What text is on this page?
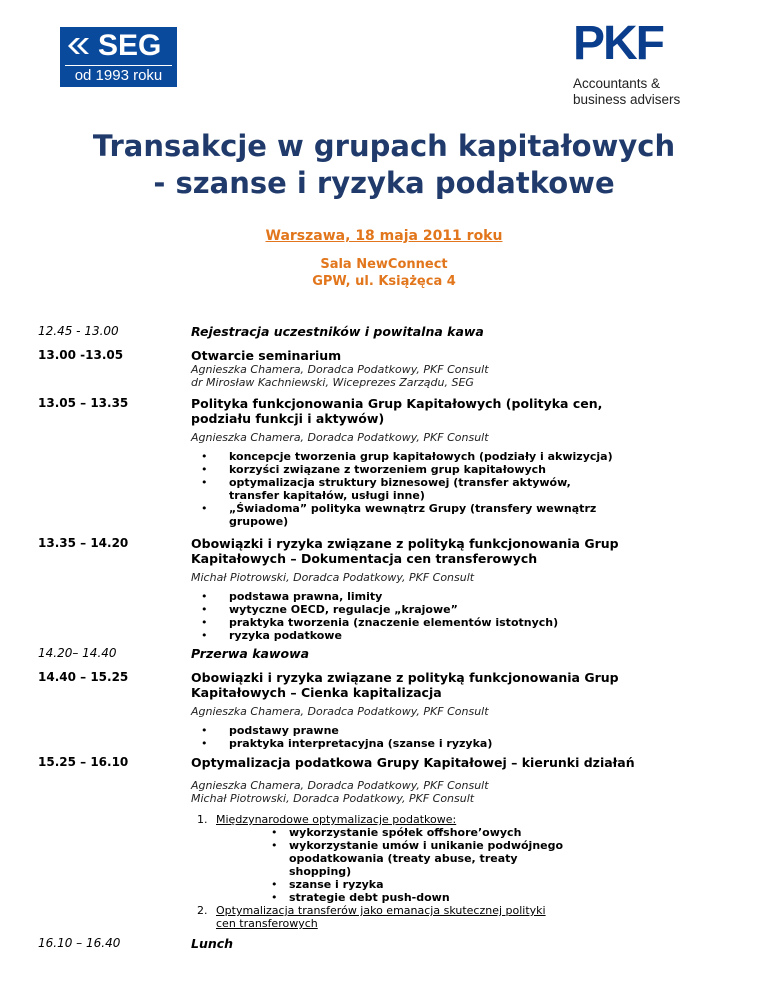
SEG
od 1993 roku
PKF
Accountants &
business advisers
Transakcje w grupach kapitałowych
- szanse i ryzyka podatkowe
Warszawa, 18 maja 2011 roku
Sala NewConnect
GPW, ul. Książęca 4
12.45 - 13.00	Rejestracja uczestników i powitalna kawa
13.00 -13.05	Otwarcie seminarium
Agnieszka Chamera, Doradca Podatkowy, PKF Consult
dr Mirosław Kachniewski, Wiceprezes Zarządu, SEG
13.05 – 13.35	Polityka funkcjonowania Grup Kapitałowych (polityka cen,
podziału funkcji i aktywów)
Agnieszka Chamera, Doradca Podatkowy, PKF Consult
• koncepcje tworzenia grup kapitałowych (podziały i akwizycja)
• korzyści związane z tworzeniem grup kapitałowych
• optymalizacja struktury biznesowej (transfer aktywów, transfer kapitałów, usługi inne)
• „Świadoma” polityka wewnątrz Grupy (transfery wewnątrz grupowe)
13.35 – 14.20	Obowiązki i ryzyka związane z polityką funkcjonowania Grup
Kapitałowych – Dokumentacja cen transferowych
Michał Piotrowski, Doradca Podatkowy, PKF Consult
• podstawa prawna, limity
• wytyczne OECD, regulacje „krajowe”
• praktyka tworzenia (znaczenie elementów istotnych)
• ryzyka podatkowe
14.20– 14.40	Przerwa kawowa
14.40 – 15.25	Obowiązki i ryzyka związane z polityką funkcjonowania Grup
Kapitałowych – Cienka kapitalizacja
Agnieszka Chamera, Doradca Podatkowy, PKF Consult
• podstawy prawne
• praktyka interpretacyjna (szanse i ryzyka)
15.25 – 16.10	Optymalizacja podatkowa Grupy Kapitałowej – kierunki działań
Agnieszka Chamera, Doradca Podatkowy, PKF Consult
Michał Piotrowski, Doradca Podatkowy, PKF Consult
1. Międzynarodowe optymalizacje podatkowe:
• wykorzystanie spółek offshore’owych
• wykorzystanie umów i unikanie podwójnego opodatkowania (treaty abuse, treaty shopping)
• szanse i ryzyka
• strategie debt push-down
2. Optymalizacja transferów jako emanacja skutecznej polityki
cen transferowych
16.10 – 16.40	Lunch
